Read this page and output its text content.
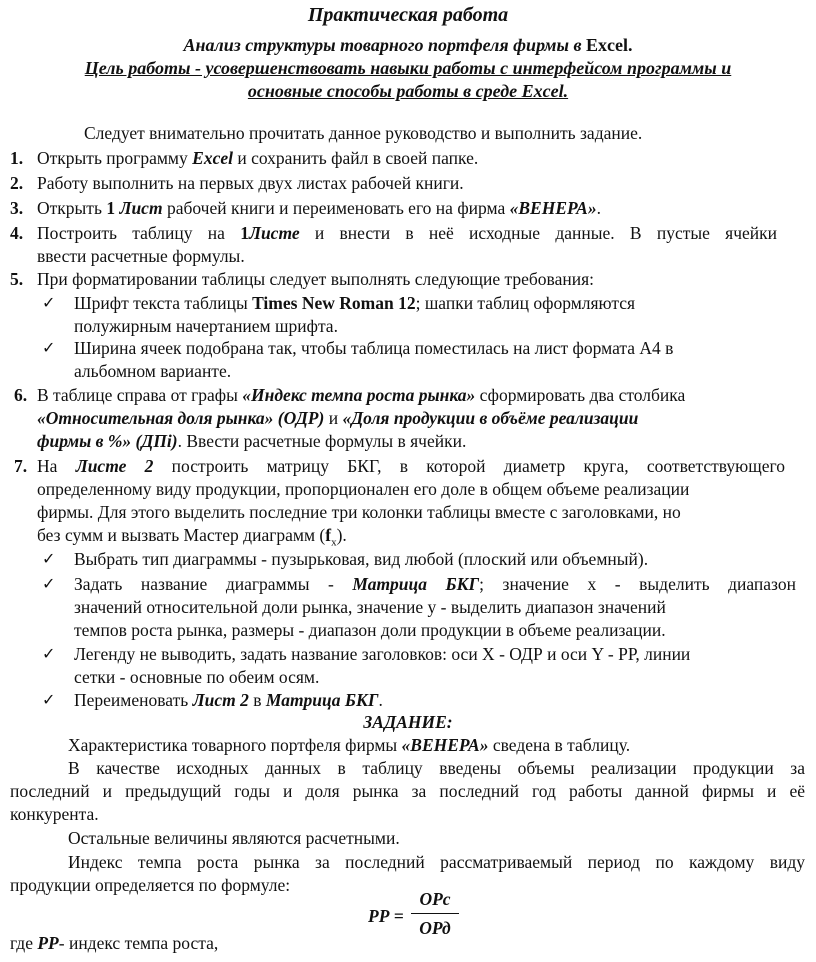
Практическая работа
Анализ структуры товарного портфеля фирмы в Excel.
Цель работы - усовершенствовать навыки работы с интерфейсом программы и
основные способы работы в среде Excel.
Следует внимательно прочитать данное руководство и выполнить задание.
1. Открыть программу Excel и сохранить файл в своей папке.
2. Работу выполнить на первых двух листах рабочей книги.
3. Открыть 1 Лист рабочей книги и переименовать его на фирма «ВЕНЕРА».
4. Построить таблицу на 1Листе и внести в неё исходные данные. В пустые ячейки
ввести расчетные формулы.
5. При форматировании таблицы следует выполнять следующие требования:
✓ Шрифт текста таблицы Times New Roman 12; шапки таблиц оформляются
полужирным начертанием шрифта.
✓ Ширина ячеек подобрана так, чтобы таблица поместилась на лист формата А4 в
альбомном варианте.
6. В таблице справа от графы «Индекс темпа роста рынка» сформировать два столбика
«Относительная доля рынка» (ОДР) и «Доля продукции в объёме реализации
фирмы в %» (ДПi). Ввести расчетные формулы в ячейки.
7. На Листе 2 построить матрицу БКГ, в которой диаметр круга, соответствующего
определенному виду продукции, пропорционален его доле в общем объеме реализации
фирмы. Для этого выделить последние три колонки таблицы вместе с заголовками, но
без сумм и вызвать Мастер диаграмм $(f_x)$.
✓ Выбрать тип диаграммы - пузырьковая, вид любой (плоский или объемный).
✓ Задать название диаграммы - Матрица БКГ; значение х - выделить диапазон
значений относительной доли рынка, значение у - выделить диапазон значений
темпов роста рынка, размеры - диапазон доли продукции в объеме реализации.
✓ Легенду не выводить, задать название заголовков: оси X - ОДР и оси Y - РР, линии
сетки - основные по обеим осям.
✓ Переименовать Лист 2 в Матрица БКГ.
ЗАДАНИЕ:
Характеристика товарного портфеля фирмы «ВЕНЕРА» сведена в таблицу.
В качестве исходных данных в таблицу введены объемы реализации продукции за
последний и предыдущий годы и доля рынка за последний год работы данной фирмы и её
конкурента.
Остальные величины являются расчетными.
Индекс темпа роста рынка за последний рассматриваемый период по каждому виду
продукции определяется по формуле:
РР =
ОРс
ОРд
где РР- индекс темпа роста,
